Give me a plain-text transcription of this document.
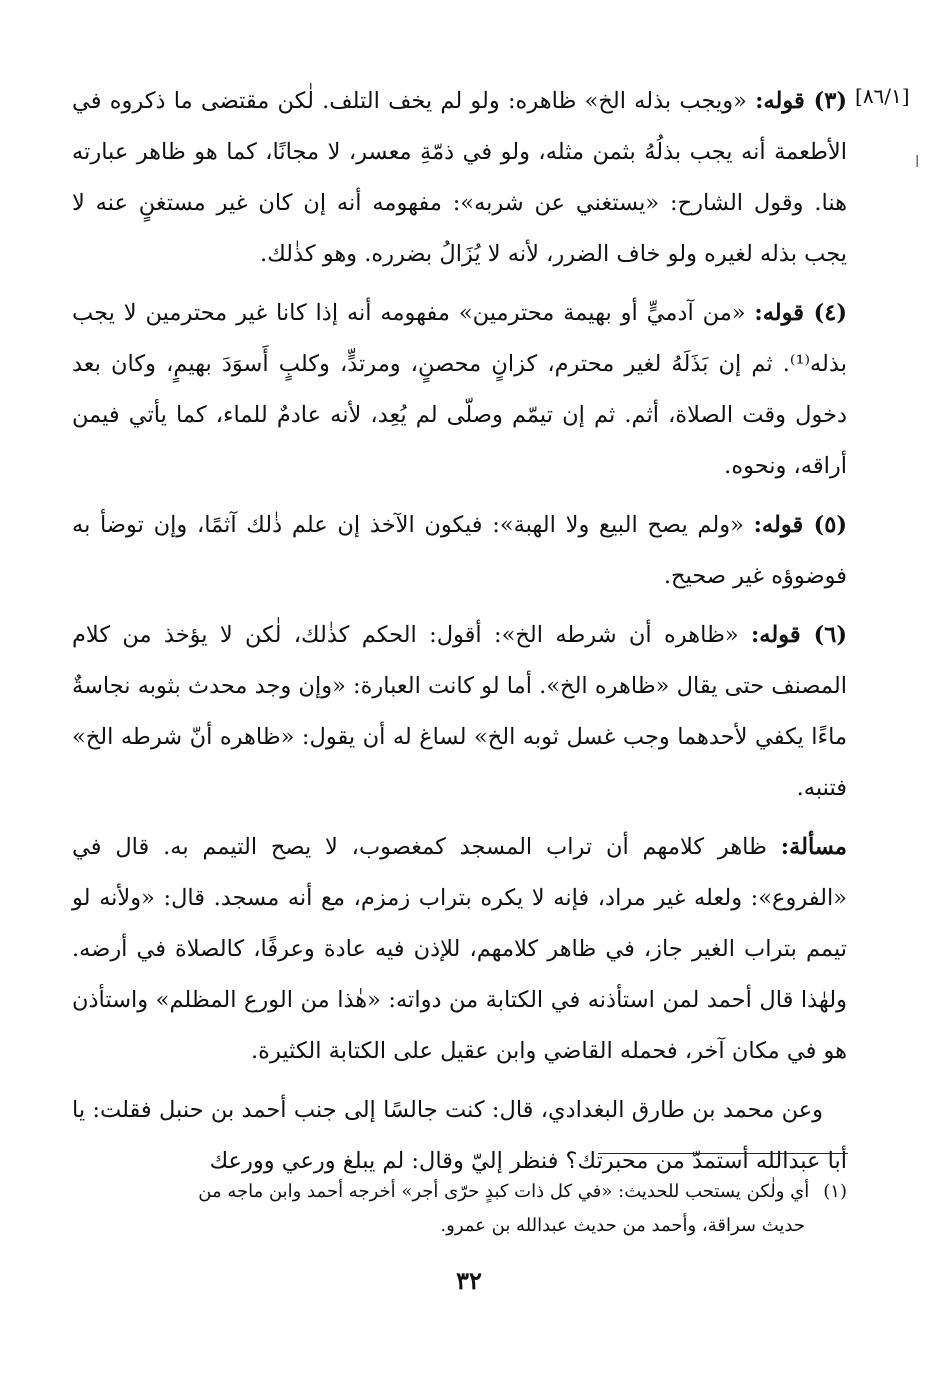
[٨٦/١]
ا

(٣) قوله: «ويجب بذله الخ» ظاهره: ولو لم يخف التلف. لٰكن مقتضى ما ذكروه في الأطعمة أنه يجب بذلُهُ بثمن مثله، ولو في ذمّةِ معسر، لا مجانًا، كما هو ظاهر عبارته هنا. وقول الشارح: «يستغني عن شربه»: مفهومه أنه إن كان غير مستغنٍ عنه لا يجب بذله لغيره ولو خاف الضرر، لأنه لا يُزَالُ بضرره. وهو كذٰلك.

(٤) قوله: «من آدميٍّ أو بهيمة محترمين» مفهومه أنه إذا كانا غير محترمين لا يجب بذله⁽¹⁾. ثم إن بَذَلَهُ لغير محترم، كزانٍ محصنٍ، ومرتدٍّ، وكلبٍ أَسوَدَ بهيمٍ، وكان بعد دخول وقت الصلاة، أثم. ثم إن تيمّم وصلّى لم يُعِد، لأنه عادمٌ للماء، كما يأتي فيمن أراقه، ونحوه.

(٥) قوله: «ولم يصح البيع ولا الهبة»: فيكون الآخذ إن علم ذٰلك آثمًا، وإن توضأ به فوضوؤه غير صحيح.

(٦) قوله: «ظاهره أن شرطه الخ»: أقول: الحكم كذٰلك، لٰكن لا يؤخذ من كلام المصنف حتى يقال «ظاهره الخ». أما لو كانت العبارة: «وإن وجد محدث بثوبه نجاسةٌ ماءًا يكفي لأحدهما وجب غسل ثوبه الخ» لساغ له أن يقول: «ظاهره أنّ شرطه الخ» فتنبه.

مسألة: ظاهر كلامهم أن تراب المسجد كمغصوب، لا يصح التيمم به. قال في «الفروع»: ولعله غير مراد، فإنه لا يكره بتراب زمزم، مع أنه مسجد. قال: «ولأنه لو تيمم بتراب الغير جاز، في ظاهر كلامهم، للإذن فيه عادة وعرفًا، كالصلاة في أرضه. ولهٰذا قال أحمد لمن استأذنه في الكتابة من دواته: «هٰذا من الورع المظلم» واستأذن هو في مكان آخر، فحمله القاضي وابن عقيل على الكتابة الكثيرة.

وعن محمد بن طارق البغدادي، قال: كنت جالسًا إلى جنب أحمد بن حنبل فقلت: يا أبا عبدالله أستمدّ من محبرتك؟ فنظر إليّ وقال: لم يبلغ ورعي وورعك

(١)أي ولٰكن يستحب للحديث: «في كل ذات كبدٍ حرّى أجر» أخرجه أحمد وابن ماجه من
حديث سراقة، وأحمد من حديث عبدالله بن عمرو.
٣٢
